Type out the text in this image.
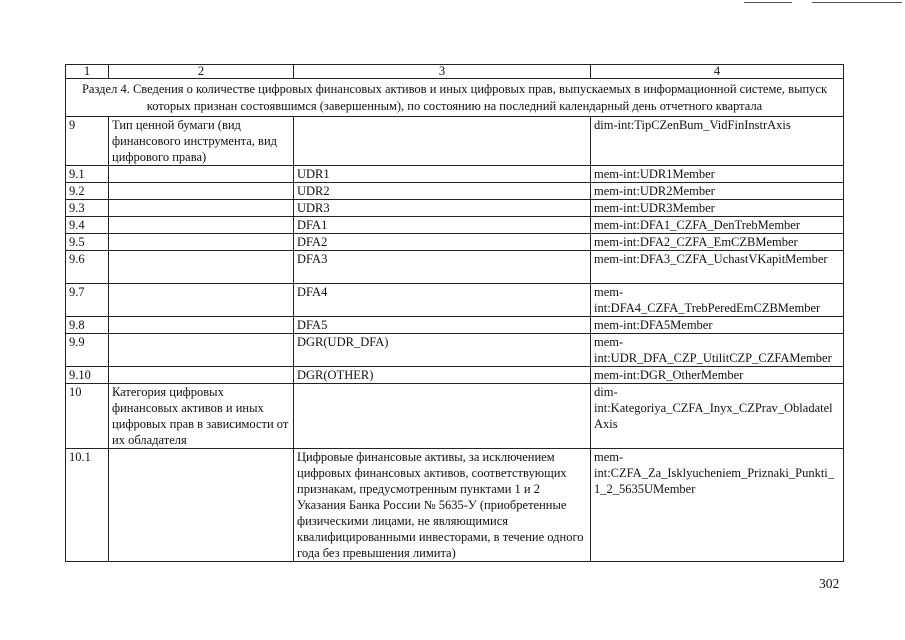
1	2	3	4
Раздел 4. Сведения о количестве цифровых финансовых активов и иных цифровых прав, выпускаемых в информационной системе, выпуск которых признан состоявшимся (завершенным), по состоянию на последний календарный день отчетного квартала			
9	Тип ценной бумаги (вид финансового инструмента, вид цифрового права)		dim-int:TipCZenBum_VidFinInstrAxis
9.1		UDR1	mem-int:UDR1Member
9.2		UDR2	mem-int:UDR2Member
9.3		UDR3	mem-int:UDR3Member
9.4		DFA1	mem-int:DFA1_CZFA_DenTrebMember
9.5		DFA2	mem-int:DFA2_CZFA_EmCZBMember
9.6		DFA3	mem-int:DFA3_CZFA_UchastVKapitMember
9.7		DFA4	mem-int:DFA4_CZFA_TrebPeredEmCZBMember
9.8		DFA5	mem-int:DFA5Member
9.9		DGR(UDR_DFA)	mem-int:UDR_DFA_CZP_UtilitCZP_CZFAMember
9.10		DGR(OTHER)	mem-int:DGR_OtherMember
10	Категория цифровых финансовых активов и иных цифровых прав в зависимости от их обладателя		dim-int:Kategoriya_CZFA_Inyx_CZPrav_ObladatelAxis
10.1		Цифровые финансовые активы, за исключением цифровых финансовых активов, соответствующих признакам, предусмотренным пунктами 1 и 2 Указания Банка России № 5635-У (приобретенные физическими лицами, не являющимися квалифицированными инвесторами, в течение одного года без превышения лимита)	mem-int:CZFA_Za_Isklyucheniem_Priznaki_Punkti_1_2_5635UMember
302
